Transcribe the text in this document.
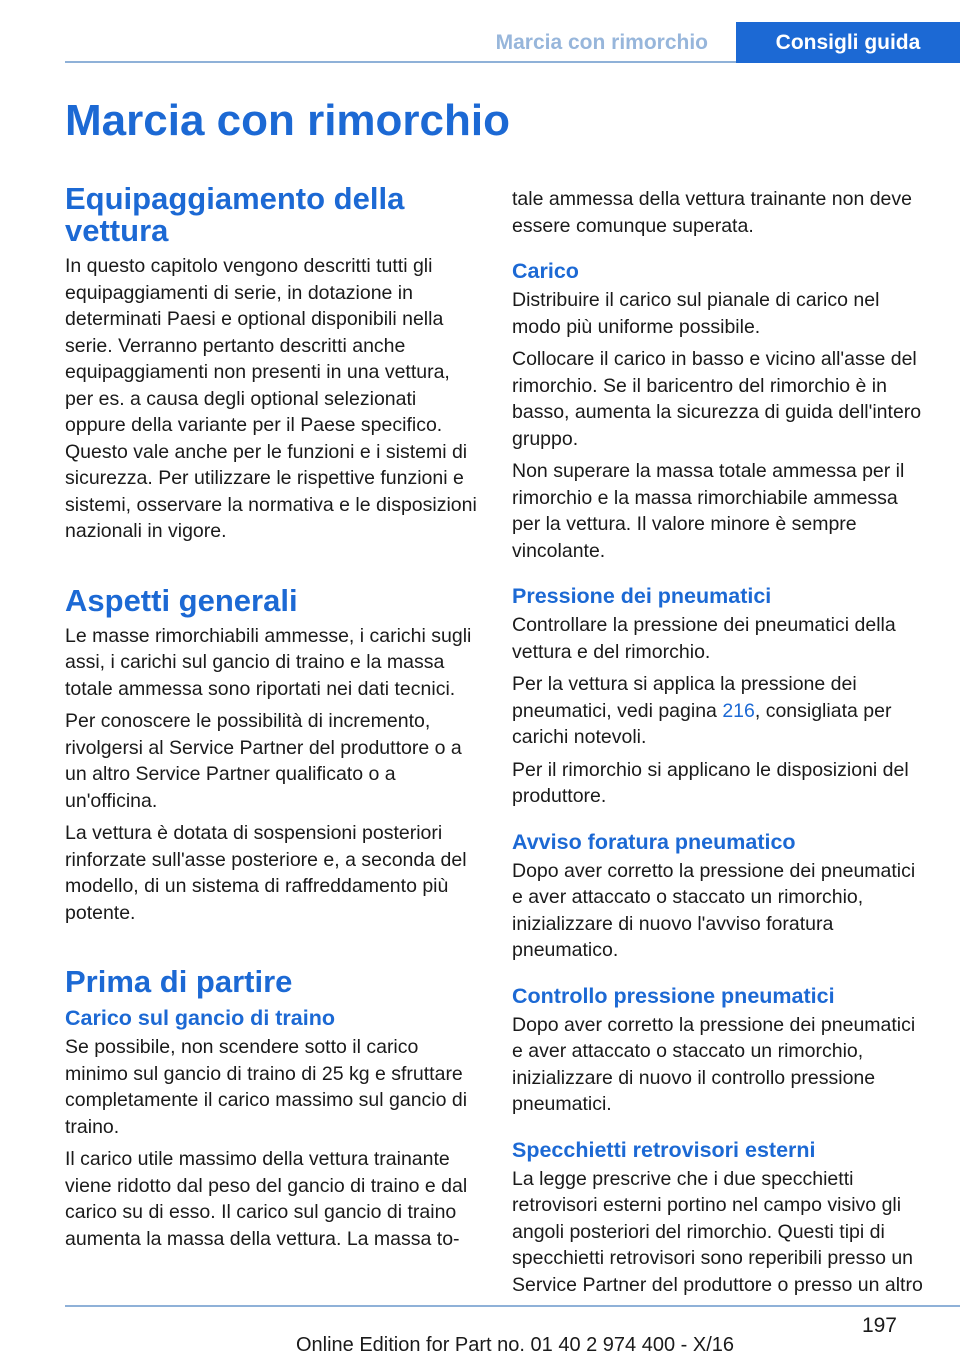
Marcia con rimorchio	Consigli guida
Marcia con rimorchio
Equipaggiamento della vettura

In questo capitolo vengono descritti tutti gli equipaggiamenti di serie, in dotazione in determinati Paesi e optional disponibili nella serie. Verranno pertanto descritti anche equipaggiamenti non presenti in una vettura, per es. a causa degli optional selezionati oppure della variante per il Paese specifico. Questo vale anche per le funzioni e i sistemi di sicurezza. Per utilizzare le rispettive funzioni e sistemi, osservare la normativa e le disposizioni nazionali in vigore.

Aspetti generali

Le masse rimorchiabili ammesse, i carichi sugli assi, i carichi sul gancio di traino e la massa totale ammessa sono riportati nei dati tecnici.

Per conoscere le possibilità di incremento, rivolgersi al Service Partner del produttore o a un altro Service Partner qualificato o a un'officina.

La vettura è dotata di sospensioni posteriori rinforzate sull'asse posteriore e, a seconda del modello, di un sistema di raffreddamento più potente.

Prima di partire
Carico sul gancio di traino

Se possibile, non scendere sotto il carico minimo sul gancio di traino di 25 kg e sfruttare completamente il carico massimo sul gancio di traino.

Il carico utile massimo della vettura trainante viene ridotto dal peso del gancio di traino e dal carico su di esso. Il carico sul gancio di traino aumenta la massa della vettura. La massa to-

tale ammessa della vettura trainante non deve essere comunque superata.

Carico

Distribuire il carico sul pianale di carico nel modo più uniforme possibile.

Collocare il carico in basso e vicino all'asse del rimorchio. Se il baricentro del rimorchio è in basso, aumenta la sicurezza di guida dell'intero gruppo.

Non superare la massa totale ammessa per il rimorchio e la massa rimorchiabile ammessa per la vettura. Il valore minore è sempre vincolante.

Pressione dei pneumatici

Controllare la pressione dei pneumatici della vettura e del rimorchio.

Per la vettura si applica la pressione dei pneumatici, vedi pagina 216, consigliata per carichi notevoli.

Per il rimorchio si applicano le disposizioni del produttore.

Avviso foratura pneumatico

Dopo aver corretto la pressione dei pneumatici e aver attaccato o staccato un rimorchio, inizializzare di nuovo l'avviso foratura pneumatico.

Controllo pressione pneumatici

Dopo aver corretto la pressione dei pneumatici e aver attaccato o staccato un rimorchio, inizializzare di nuovo il controllo pressione pneumatici.

Specchietti retrovisori esterni

La legge prescrive che i due specchietti retrovisori esterni portino nel campo visivo gli angoli posteriori del rimorchio. Questi tipi di specchietti retrovisori sono reperibili presso un Service Partner del produttore o presso un altro

197
Online Edition for Part no. 01 40 2 974 400 - X/16
